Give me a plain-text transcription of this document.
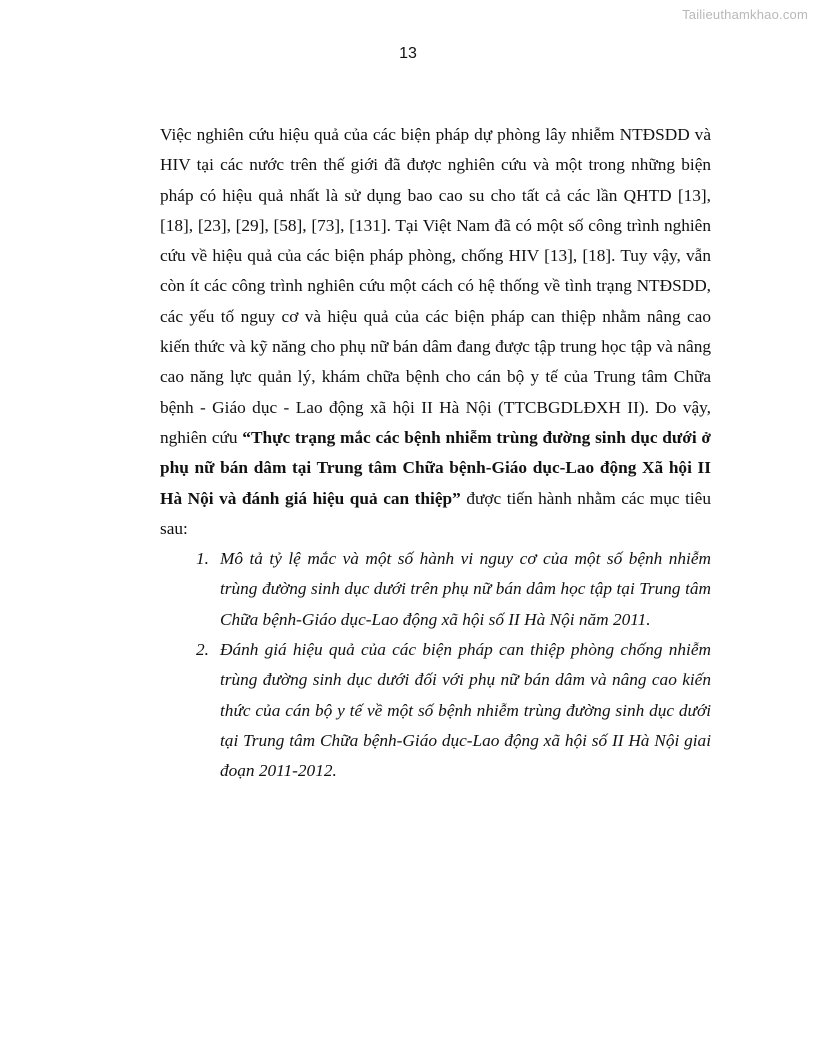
Tailieuthamkhao.com
13

Việc nghiên cứu hiệu quả của các biện pháp dự phòng lây nhiễm NTĐSDD và HIV tại các nước trên thế giới đã được nghiên cứu và một trong những biện pháp có hiệu quả nhất là sử dụng bao cao su cho tất cả các lần QHTD [13], [18], [23], [29], [58], [73], [131]. Tại Việt Nam đã có một số công trình nghiên cứu về hiệu quả của các biện pháp phòng, chống HIV [13], [18]. Tuy vậy, vẫn còn ít các công trình nghiên cứu một cách có hệ thống về tình trạng NTĐSDD, các yếu tố nguy cơ và hiệu quả của các biện pháp can thiệp nhằm nâng cao kiến thức và kỹ năng cho phụ nữ bán dâm đang được tập trung học tập và nâng cao năng lực quản lý, khám chữa bệnh cho cán bộ y tế của Trung tâm Chữa bệnh - Giáo dục - Lao động xã hội II Hà Nội (TTCBGDLĐXH II). Do vậy, nghiên cứu “Thực trạng mắc các bệnh nhiễm trùng đường sinh dục dưới ở phụ nữ bán dâm tại Trung tâm Chữa bệnh-Giáo dục-Lao động Xã hội II Hà Nội và đánh giá hiệu quả can thiệp” được tiến hành nhằm các mục tiêu sau:

1. Mô tả tỷ lệ mắc và một số hành vi nguy cơ của một số bệnh nhiễm trùng đường sinh dục dưới trên phụ nữ bán dâm học tập tại Trung tâm Chữa bệnh-Giáo dục-Lao động xã hội số II Hà Nội năm 2011.
2. Đánh giá hiệu quả của các biện pháp can thiệp phòng chống nhiễm trùng đường sinh dục dưới đối với phụ nữ bán dâm và nâng cao kiến thức của cán bộ y tế về một số bệnh nhiễm trùng đường sinh dục dưới tại Trung tâm Chữa bệnh-Giáo dục-Lao động xã hội số II Hà Nội giai đoạn 2011-2012.
